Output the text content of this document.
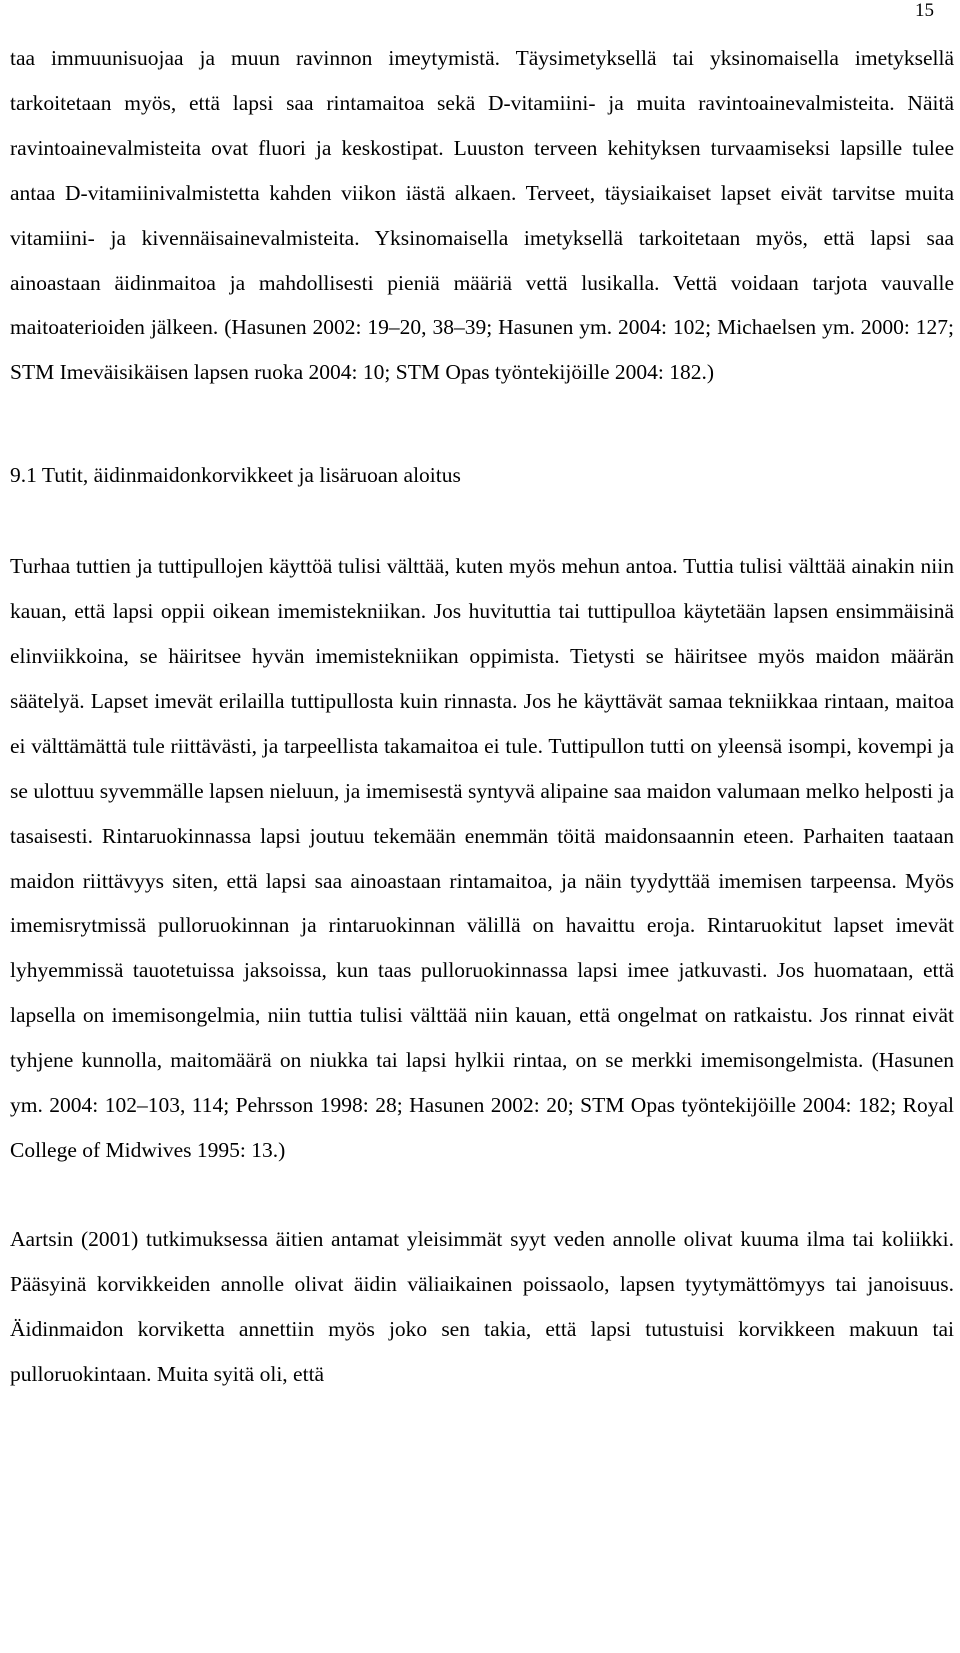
15

taa immuunisuojaa ja muun ravinnon imeytymistä. Täysimetyksellä tai yksinomaisella imetyksellä tarkoitetaan myös, että lapsi saa rintamaitoa sekä D-vitamiini- ja muita ravintoainevalmisteita. Näitä ravintoainevalmisteita ovat fluori ja keskostipat. Luuston terveen kehityksen turvaamiseksi lapsille tulee antaa D-vitamiinivalmistetta kahden viikon iästä alkaen. Terveet, täysiaikaiset lapset eivät tarvitse muita vitamiini- ja kivennäisainevalmisteita. Yksinomaisella imetyksellä tarkoitetaan myös, että lapsi saa ainoastaan äidinmaitoa ja mahdollisesti pieniä määriä vettä lusikalla. Vettä voidaan tarjota vauvalle maitoaterioiden jälkeen. (Hasunen 2002: 19–20, 38–39; Hasunen ym. 2004: 102; Michaelsen ym. 2000: 127; STM Imeväisikäisen lapsen ruoka 2004: 10; STM Opas työntekijöille 2004: 182.)

9.1 Tutit, äidinmaidonkorvikkeet ja lisäruoan aloitus

Turhaa tuttien ja tuttipullojen käyttöä tulisi välttää, kuten myös mehun antoa. Tuttia tulisi välttää ainakin niin kauan, että lapsi oppii oikean imemistekniikan. Jos huvituttia tai tuttipulloa käytetään lapsen ensimmäisinä elinviikkoina, se häiritsee hyvän imemistekniikan oppimista. Tietysti se häiritsee myös maidon määrän säätelyä. Lapset imevät erilailla tuttipullosta kuin rinnasta. Jos he käyttävät samaa tekniikkaa rintaan, maitoa ei välttämättä tule riittävästi, ja tarpeellista takamaitoa ei tule. Tuttipullon tutti on yleensä isompi, kovempi ja se ulottuu syvemmälle lapsen nieluun, ja imemisestä syntyvä alipaine saa maidon valumaan melko helposti ja tasaisesti. Rintaruokinnassa lapsi joutuu tekemään enemmän töitä maidonsaannin eteen. Parhaiten taataan maidon riittävyys siten, että lapsi saa ainoastaan rintamaitoa, ja näin tyydyttää imemisen tarpeensa. Myös imemisrytmissä pulloruokinnan ja rintaruokinnan välillä on havaittu eroja. Rintaruokitut lapset imevät lyhyemmissä tauotetuissa jaksoissa, kun taas pulloruokinnassa lapsi imee jatkuvasti. Jos huomataan, että lapsella on imemisongelmia, niin tuttia tulisi välttää niin kauan, että ongelmat on ratkaistu. Jos rinnat eivät tyhjene kunnolla, maitomäärä on niukka tai lapsi hylkii rintaa, on se merkki imemisongelmista. (Hasunen ym. 2004: 102–103, 114; Pehrsson 1998: 28; Hasunen 2002: 20; STM Opas työntekijöille 2004: 182; Royal College of Midwives 1995: 13.)

Aartsin (2001) tutkimuksessa äitien antamat yleisimmät syyt veden annolle olivat kuuma ilma tai koliikki. Pääsyinä korvikkeiden annolle olivat äidin väliaikainen poissaolo, lapsen tyytymättömyys tai janoisuus. Äidinmaidon korviketta annettiin myös joko sen takia, että lapsi tutustuisi korvikkeen makuun tai pulloruokintaan. Muita syitä oli, että
